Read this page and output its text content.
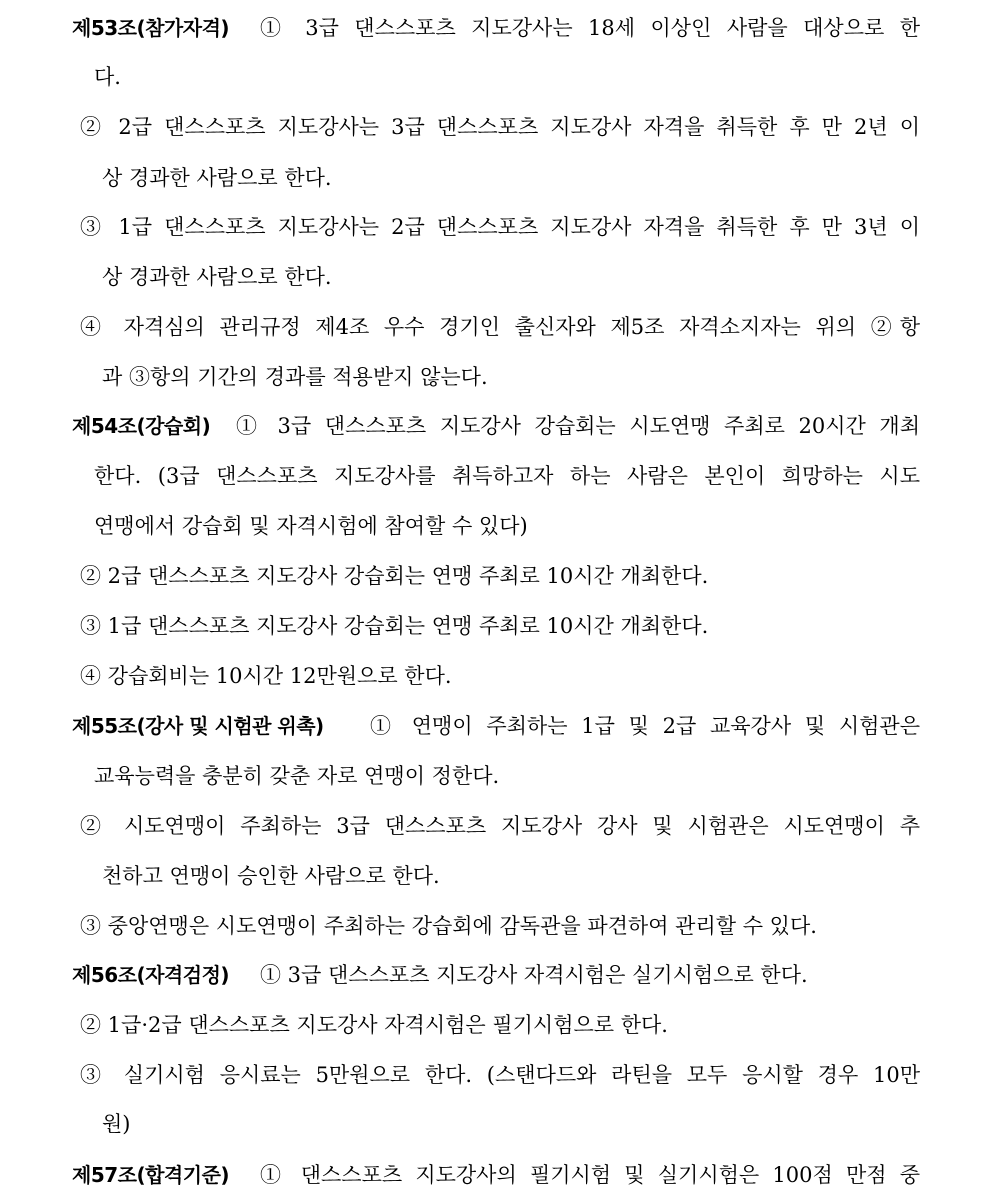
제53조(참가자격) ① 3급 댄스스포츠 지도강사는 18세 이상인 사람을 대상으로 한
다.
② 2급 댄스스포츠 지도강사는 3급 댄스스포츠 지도강사 자격을 취득한 후 만 2년 이
상 경과한 사람으로 한다.
③ 1급 댄스스포츠 지도강사는 2급 댄스스포츠 지도강사 자격을 취득한 후 만 3년 이
상 경과한 사람으로 한다.
④ 자격심의 관리규정 제4조 우수 경기인 출신자와 제5조 자격소지자는 위의 ②항
과 ③항의 기간의 경과를 적용받지 않는다.
제54조(강습회) ① 3급 댄스스포츠 지도강사 강습회는 시도연맹 주최로 20시간 개최
한다. (3급 댄스스포츠 지도강사를 취득하고자 하는 사람은 본인이 희망하는 시도
연맹에서 강습회 및 자격시험에 참여할 수 있다)
② 2급 댄스스포츠 지도강사 강습회는 연맹 주최로 10시간 개최한다.
③ 1급 댄스스포츠 지도강사 강습회는 연맹 주최로 10시간 개최한다.
④ 강습회비는 10시간 12만원으로 한다.
제55조(강사 및 시험관 위촉) ① 연맹이 주최하는 1급 및 2급 교육강사 및 시험관은
교육능력을 충분히 갖춘 자로 연맹이 정한다.
② 시도연맹이 주최하는 3급 댄스스포츠 지도강사 강사 및 시험관은 시도연맹이 추
천하고 연맹이 승인한 사람으로 한다.
③ 중앙연맹은 시도연맹이 주최하는 강습회에 감독관을 파견하여 관리할 수 있다.
제56조(자격검정) ① 3급 댄스스포츠 지도강사 자격시험은 실기시험으로 한다.
② 1급·2급 댄스스포츠 지도강사 자격시험은 필기시험으로 한다.
③ 실기시험 응시료는 5만원으로 한다. (스탠다드와 라틴을 모두 응시할 경우 10만
원)
제57조(합격기준) ① 댄스스포츠 지도강사의 필기시험 및 실기시험은 100점 만점 중
